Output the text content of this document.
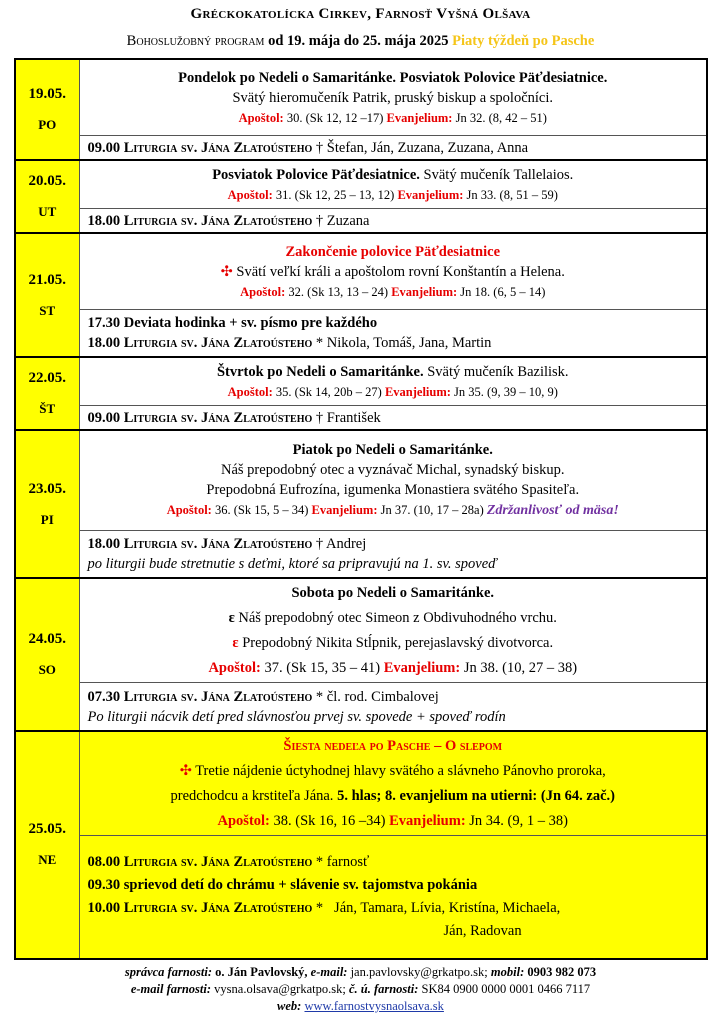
Gréckokatolícka Cirkev, Farnosť Vyšná Olšava
Bohoslužobný program od 19. mája do 25. mája 2025 Piaty týždeň po Pasche
19.05.
PO	Pondelok po Nedeli o Samaritánke. Posviatok Polovice Päťdesiatnice.
Svätý hieromučeník Patrik, pruský biskup a spoločníci.
Apoštol: 30. (Sk 12, 12 –17) Evanjelium: Jn 32. (8, 42 – 51)

	09.00 Liturgia sv. Jána Zlatoústeho † Štefan, Ján, Zuzana, Zuzana, Anna

20.05.
UT	Posviatok Polovice Päťdesiatnice. Svätý mučeník Tallelaios.
Apoštol: 31. (Sk 12, 25 – 13, 12) Evanjelium: Jn 33. (8, 51 – 59)

	18.00 Liturgia sv. Jána Zlatoústeho † Zuzana

21.05.
ST	Zakončenie polovice Päťdesiatnice
✣ Svätí veľkí králi a apoštolom rovní Konštantín a Helena.
Apoštol: 32. (Sk 13, 13 – 24) Evanjelium: Jn 18. (6, 5 – 14)

	17.30 Deviata hodinka + sv. písmo pre každého
18.00 Liturgia sv. Jána Zlatoústeho * Nikola, Tomáš, Jana, Martin

22.05.
ŠT	Štvrtok po Nedeli o Samaritánke. Svätý mučeník Bazilisk.
Apoštol: 35. (Sk 14, 20b – 27) Evanjelium: Jn 35. (9, 39 – 10, 9)

	09.00 Liturgia sv. Jána Zlatoústeho † František

23.05.
PI	Piatok po Nedeli o Samaritánke.
Náš prepodobný otec a vyznávač Michal, synadský biskup.
Prepodobná Eufrozína, igumenka Monastiera svätého Spasiteľa.
Apoštol: 36. (Sk 15, 5 – 34) Evanjelium: Jn 37. (10, 17 – 28a) Zdržanlivosť od mäsa!

	18.00 Liturgia sv. Jána Zlatoústeho † Andrej
po liturgii bude stretnutie s deťmi, ktoré sa pripravujú na 1. sv. spoveď

24.05.
SO	Sobota po Nedeli o Samaritánke.
ɛ Náš prepodobný otec Simeon z Obdivuhodného vrchu.
ɛ Prepodobný Nikita Stĺpnik, perejaslavský divotvorca.
Apoštol: 37. (Sk 15, 35 – 41) Evanjelium: Jn 38. (10, 27 – 38)

	07.30 Liturgia sv. Jána Zlatoústeho * čl. rod. Cimbalovej
Po liturgii nácvik detí pred slávnosťou prvej sv. spovede + spoveď rodín

25.05.
NE	Šiesta nedeľa po Pasche – O slepom
✣ Tretie nájdenie úctyhodnej hlavy svätého a slávneho Pánovho proroka,
predchodcu a krstiteľa Jána. 5. hlas; 8. evanjelium na utierni: (Jn 64. zač.)
Apoštol: 38. (Sk 16, 16 –34) Evanjelium: Jn 34. (9, 1 – 38)

	08.00 Liturgia sv. Jána Zlatoústeho * farnosť
09.30 sprievod detí do chrámu + slávenie sv. tajomstva pokánia
10.00 Liturgia sv. Jána Zlatoústeho *   Ján, Tamara, Lívia, Kristína, Michaela,
Ján, Radovan
správca farnosti: o. Ján Pavlovský, e-mail: jan.pavlovsky@grkatpo.sk; mobil: 0903 982 073
e-mail farnosti: vysna.olsava@grkatpo.sk; č. ú. farnosti: SK84 0900 0000 0001 0466 7117
web: www.farnostvysnaolsava.sk
